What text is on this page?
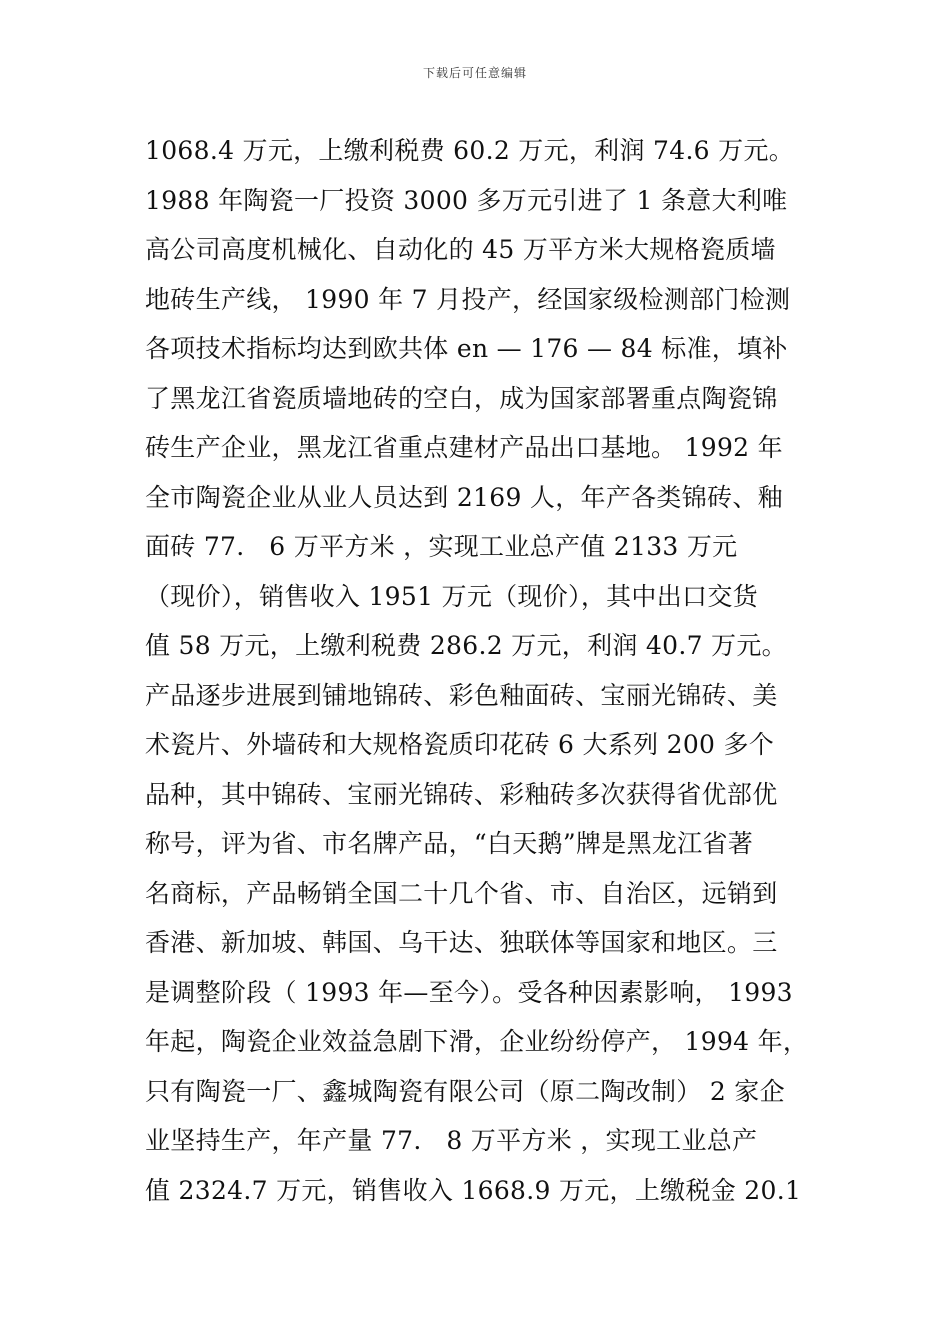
下载后可任意编辑
1068.4 万元，上缴利税费 60.2 万元，利润 74.6 万元。
1988 年陶瓷一厂投资 3000 多万元引进了 1 条意大利唯
高公司高度机械化、自动化的 45 万平方米大规格瓷质墙
地砖生产线， 1990 年 7 月投产，经国家级检测部门检测
各项技术指标均达到欧共体 en — 176 — 84 标准，填补
了黑龙江省瓷质墙地砖的空白，成为国家部署重点陶瓷锦
砖生产企业，黑龙江省重点建材产品出口基地。 1992 年
全市陶瓷企业从业人员达到 2169 人，年产各类锦砖、釉
面砖 77.   6 万平方米 ，实现工业总产值 2133 万元
（现价），销售收入 1951 万元（现价），其中出口交货
值 58 万元，上缴利税费 286.2 万元，利润 40.7 万元。
产品逐步进展到铺地锦砖、彩色釉面砖、宝丽光锦砖、美
术瓷片、外墙砖和大规格瓷质印花砖 6 大系列 200 多个
品种，其中锦砖、宝丽光锦砖、彩釉砖多次获得省优部优
称号，评为省、市名牌产品，“白天鹅”牌是黑龙江省著
名商标，产品畅销全国二十几个省、市、自治区，远销到
香港、新加坡、韩国、乌干达、独联体等国家和地区。三
是调整阶段（ 1993 年—至今）。受各种因素影响， 1993
年起，陶瓷企业效益急剧下滑，企业纷纷停产， 1994 年，
只有陶瓷一厂、鑫城陶瓷有限公司（原二陶改制） 2 家企
业坚持生产，年产量 77.   8 万平方米 ，实现工业总产
值 2324.7 万元，销售收入 1668.9 万元，上缴税金 20.1
